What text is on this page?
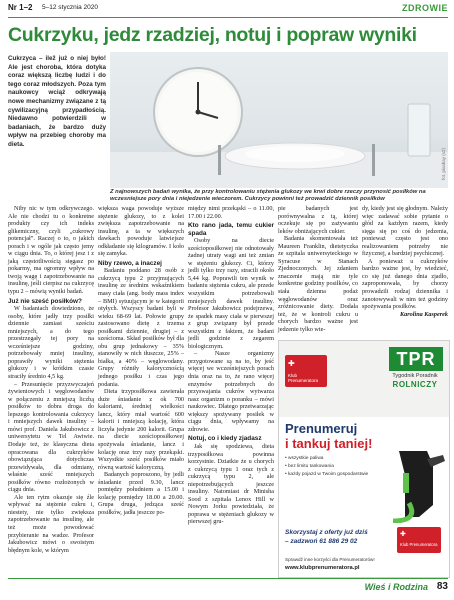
Nr 1–2 5–12 stycznia 2020	ZDROWIE
Cukrzyku, jedz rzadziej, notuj i popraw wyniki
Cukrzyca – ilež już o niej było! Ale jest choroba, która dotyka coraz większą liczbę ludzi i do tego coraz młodszych. Poza tym naukowcy wciąż odkrywają nowe mechanizmy związane z tą cywilizacyjną przypadłością. Niedawno potwierdzili w badaniach, że bardzo duży wpływ na przebieg choroby ma dieta.
fot. pixabay (x2)
Z najnowszych badań wynika, że przy kontrolowaniu stężenia glukozy we krwi dobre rzeczy przynosić posiłków na wczesniejsze pory dnia i niejedzenie wieczorem. Cukrzycy powinni też prowadzić dziennik posiłków

Niby nic w tym odkrywczego. Ale nie chodzi tu o konkretne produkty czy ich indeks glikemiczny, czyli „cukrowy potencjał”. Raczej o to, o jakich porach i w ogóle jak często jemy w ciągu dnia. To, o której jesz i z jaką częstotliwością sięgasz po pokarmy, ma ogromny wpływ na twoją wagę i zapotrzebowanie na insulinę, jeśli cierpisz na cukrzycę typu 2 – mówią wyniki badań.

Już nie sześć posiłków?

W badaniach dowiedziono, że osoby, które jadły trzy posiłki dziennie zamiast sześciu mniejszych, a do tego przestrzegały tej pory na wcześniejsze godziny, potrzebowały mniej insuliny, poprawiły wyniki stężenia glukozy i w krótkim czasie straciły średnio 4,5 kg.

– Przesunięcie przyzwyczajeń żywieniowych i węglowodanów w połączeniu z mniejszą liczbą posiłków to dobra droga do lepszego kontrolowania cukrzycy i mniejszych dawek insuliny – mówi prof. Daniela Jakubowicz z uniwersytetu w Tel Awiwie. Dodaje też, że klasyczna dieta opracowana dla cukrzyków obowiązująca dotychczas przewidywała, dla odmiany, właśnie sześć mniejszych posiłków równo rozłożonych w ciągu dnia.

Ale ten rytm okazuje się źle wpływać na stężenie cukru i, niestety, nie tylko zwiększa zapotrzebowanie na insulinę, ale też może powodować przybieranie na wadze. Profesor Jakubowicz mówi o swoistym błędnym kole, w którym

większa waga powoduje wyższe stężenie glukozy, to z kolei zwiększa zapotrzebowanie na insulinę, a ta w większych dawkach powoduje latwiejsze odkładanie się kilogramów. I koło się zamyka.

Niby rzewo, a inaczej

Badaniu poddano 28 osób z cukrzycą typu 2 przyjmujących insulinę ze średnim wskaźnikiem masy ciała (ang. body mass index – BMI) sytuującym je w kategorii otyłych. Wszyscy badani byli w wieku 68-69 lat. Połowie grupy zastosowano dietę z trzema posiłkami dziennie, drugiej – z sześcioma. Skład posiłków był dla obu grup jednakowy – 35% stanowiły w nich tłuszcze, 25% – białka, a 40% – węglowodany. Grupy różniły kalorycznością jednego posiłku i czas jego podania.

Dieta trzyposiłkowa zawierała duże śniadanie z ok 700 kaloriami, średniej wielkości lancz, który miał wartość 600 kalorii i mniejszą kolację, która liczyła jedynie 200 kalorii. Grupa na diecie sześcioposiłkowej spożywała śniadanie, lancz i kolację oraz trzy razy przekąski. Wszystkie sześć posiłków miało równą wartość kaloryczną.

Badanych poproszono, by jedli śniadanie przed 9.30, lancz pomiędzy południem a 15.00 i kolację pomiędzy 18.00 a 20.00. Grupa druga, jedząca sześć posiłków, jadła jeszcze po-

między nimi przekąski – o 11.00, 17.00 i 22.00.

Kto rano jada, temu cukier spada

Osoby na diecie sześcioposiłkowej nie odnotowały żadnej utraty wagi ani też zmian w stężeniu glukozy. Ci, którzy jedli tylko trzy razy, stracili około 5,44 kg. Poprawili ten wynik w badaniu stężenia cukru, ale przede wszystkim potrzebowali mniejszych dawek insuliny. Profesor Jakubowicz podejrzewa, że spadek masy ciała w pierwszej z grup związany był przede wszystkim z faktem, że badani jedli godzinie z zegarem biologicznym.

– Nasze organizmy przygotowane są na to, by jeść więcej we wcześniejszych porach dnia oraz na to, że rano więcej enzymów potrzebnych do przyswajania cukrów wytwarza nasz organizm o poranku – mówi naukowiec. Dlatego przetwarzając większy spożywany posiłek w ciągu dnia, wpływamy na zdrowie.

Notuj, co i kiedy zjadasz

Jak się spodziewa, dieta trzyposiłkowa powinna korzystnie. Dziatkie że u chorych z cukrzycą typu 1 oraz tych z cukrzycą typu 2, ale niepotrzebujących jeszcze insuliny. Natomiast dr Minisha Sood z szpitala Lenox Hill w Nowym Jorku powiedziała, że poprawa w stężeniach glukozy w pierwszej gru-

pie badanych jest porównywalna z tą, której oczekuje się po zażywaniu leków obniżających cukier.

Badania skomentowała też Maureen Franklin, dietetyczka ze szpitala uniwersyteckiego w Syracuse w Stanach Zjednoczonych. Jej zdaniem znaczenie mają nie tyle konkretne godziny posiłków, co stała dzienna podaż węglowodanów oraz zróżnicowanie diety. Dodała też, że w kontroli cukru u chorych bardzo ważne jest jedzenie tylko wte-

dy, kiedy jest się głodnym. Należy więc zadawać sobie pytanie o głód za każdym razem, kiedy sięga się po coś do jedzenia, ponieważ często jest ono realizowaniem potrzeby nie fizycznej, a bardziej psychicznej.

A ponieważ u cukrzyków bardzo ważne jest, by wiedzieć, co się już danego dnia zjadło, zaproponowała, by chorzy prowadzili rodzaj dziennika i zanotowywali w nim też godziny spożywania posiłków.

Karolina Kasperek

TPR
Tygodnik Poradnik
ROLNICZY
✚
Klub Prenumeratora
Prenumeruj
i tankuj taniej!
• wszystkie paliwa
• bez limitu tankowania
• każdy pojazd w Twoim gospodarstwie
Skorzystaj z oferty już dziś
– zadzwoń 61 886 29 02
✚
Klub Prenumeratora
Sprawdź inne korzyści dla Prenumeratorów!
www.klubprenumeratora.pl
Wieś i Rodzina 83
